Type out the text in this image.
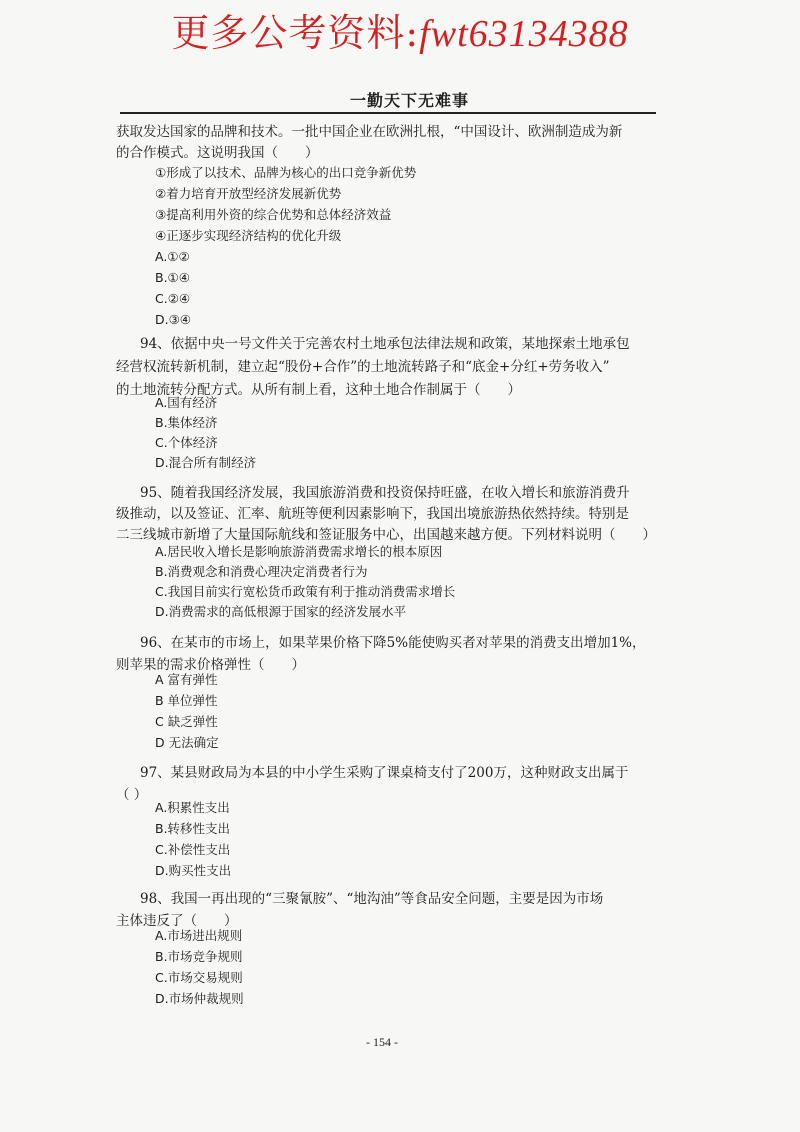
更多公考资料:fwt63134388
一勤天下无难事
获取发达国家的品牌和技术。一批中国企业在欧洲扎根，“中国设计、欧洲制造成为新
的合作模式。这说明我国（　　）
①形成了以技术、品牌为核心的出口竞争新优势
②着力培育开放型经济发展新优势
③提高利用外资的综合优势和总体经济效益
④正逐步实现经济结构的优化升级
A.①②
B.①④
C.②④
D.③④
94、依据中央一号文件关于完善农村土地承包法律法规和政策，某地探索土地承包
经营权流转新机制，建立起“股份+合作”的土地流转路子和“底金+分红+劳务收入”
的土地流转分配方式。从所有制上看，这种土地合作制属于（　　）
A.国有经济
B.集体经济
C.个体经济
D.混合所有制经济
95、随着我国经济发展，我国旅游消费和投资保持旺盛，在收入增长和旅游消费升
级推动，以及签证、汇率、航班等便利因素影响下，我国出境旅游热依然持续。特别是
二三线城市新增了大量国际航线和签证服务中心，出国越来越方便。下列材料说明（　　）
A.居民收入增长是影响旅游消费需求增长的根本原因
B.消费观念和消费心理决定消费者行为
C.我国目前实行宽松货币政策有利于推动消费需求增长
D.消费需求的高低根源于国家的经济发展水平
96、在某市的市场上，如果苹果价格下降5%能使购买者对苹果的消费支出增加1%，
则苹果的需求价格弹性（　　）
A 富有弹性
B 单位弹性
C 缺乏弹性
D 无法确定
97、某县财政局为本县的中小学生采购了课桌椅支付了200万，这种财政支出属于
（ ）
A.积累性支出
B.转移性支出
C.补偿性支出
D.购买性支出
98、我国一再出现的“三聚氰胺”、“地沟油”等食品安全问题，主要是因为市场
主体违反了（　　）
A.市场进出规则
B.市场竞争规则
C.市场交易规则
D.市场仲裁规则
- 154 -
